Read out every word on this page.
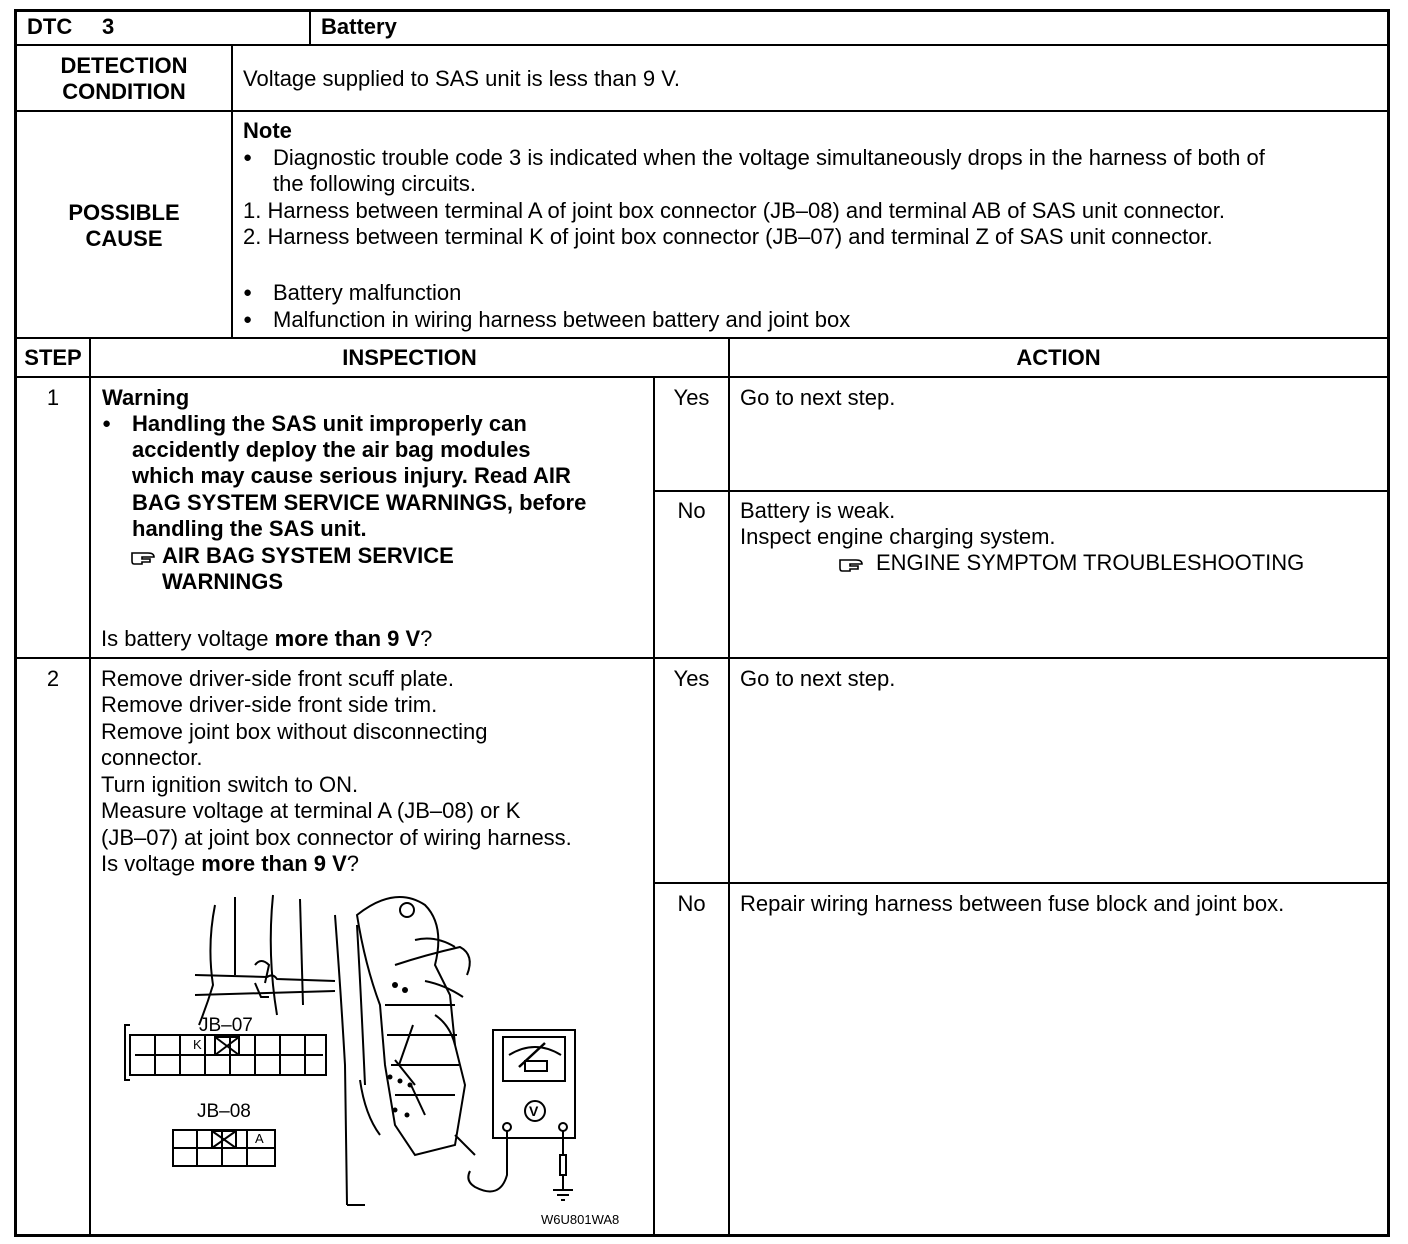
DTC 3	Battery
DETECTION
CONDITION
Voltage supplied to SAS unit is less than 9 V.
POSSIBLE
CAUSE
Note
● Diagnostic trouble code 3 is indicated when the voltage simultaneously drops in the harness of both of
the following circuits.
1. Harness between terminal A of joint box connector (JB–08) and terminal AB of SAS unit connector.
2. Harness between terminal K of joint box connector (JB–07) and terminal Z of SAS unit connector.
● Battery malfunction
● Malfunction in wiring harness between battery and joint box
STEP	INSPECTION	ACTION
1	Warning
● Handling the SAS unit improperly can
accidently deploy the air bag modules
which may cause serious injury. Read AIR
BAG SYSTEM SERVICE WARNINGS, before
handling the SAS unit.
AIR BAG SYSTEM SERVICE
WARNINGS
Is battery voltage more than 9 V?
Yes	Go to next step.
No	Battery is weak.
Inspect engine charging system.
ENGINE SYMPTOM TROUBLESHOOTING
2	Remove driver-side front scuff plate.
Remove driver-side front side trim.
Remove joint box without disconnecting
connector.
Turn ignition switch to ON.
Measure voltage at terminal A (JB–08) or K
(JB–07) at joint box connector of wiring harness.
Is voltage more than 9 V?
Yes	Go to next step.
No	Repair wiring harness between fuse block and joint box.
JB–07
K
JB–08
A
V
W6U801WA8
